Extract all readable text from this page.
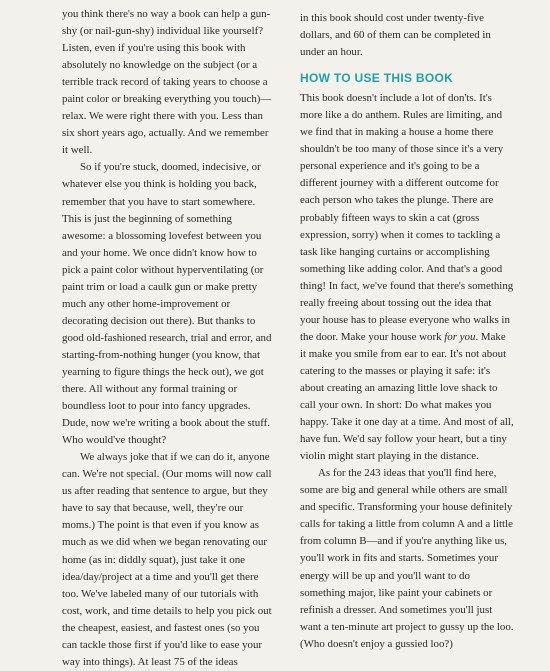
you think there's no way a book can help a gun-shy (or nail-gun-shy) individual like yourself? Listen, even if you're using this book with absolutely no knowledge on the subject (or a terrible track record of taking years to choose a paint color or breaking everything you touch)—relax. We were right there with you. Less than six short years ago, actually. And we remember it well.

So if you're stuck, doomed, indecisive, or whatever else you think is holding you back, remember that you have to start somewhere. This is just the beginning of something awesome: a blossoming lovefest between you and your home. We once didn't know how to pick a paint color without hyperventilating (or paint trim or load a caulk gun or make pretty much any other home-improvement or decorating decision out there). But thanks to good old-fashioned research, trial and error, and starting-from-nothing hunger (you know, that yearning to figure things the heck out), we got there. All without any formal training or boundless loot to pour into fancy upgrades. Dude, now we're writing a book about the stuff. Who would've thought?

We always joke that if we can do it, anyone can. We're not special. (Our moms will now call us after reading that sentence to argue, but they have to say that because, well, they're our moms.) The point is that even if you know as much as we did when we began renovating our home (as in: diddly squat), just take it one idea/day/project at a time and you'll get there too. We've labeled many of our tutorials with cost, work, and time details to help you pick out the cheapest, easiest, and fastest ones (so you can tackle those first if you'd like to ease your way into things). At least 75 of the ideas

in this book should cost under twenty-five dollars, and 60 of them can be completed in under an hour.

HOW TO USE THIS BOOK

This book doesn't include a lot of don'ts. It's more like a do anthem. Rules are limiting, and we find that in making a house a home there shouldn't be too many of those since it's a very personal experience and it's going to be a different journey with a different outcome for each person who takes the plunge. There are probably fifteen ways to skin a cat (gross expression, sorry) when it comes to tackling a task like hanging curtains or accomplishing something like adding color. And that's a good thing! In fact, we've found that there's something really freeing about tossing out the idea that your house has to please everyone who walks in the door. Make your house work for you. Make it make you smile from ear to ear. It's not about catering to the masses or playing it safe: it's about creating an amazing little love shack to call your own. In short: Do what makes you happy. Take it one day at a time. And most of all, have fun. We'd say follow your heart, but a tiny violin might start playing in the distance.

As for the 243 ideas that you'll find here, some are big and general while others are small and specific. Transforming your house definitely calls for taking a little from column A and a little from column B—and if you're anything like us, you'll work in fits and starts. Sometimes your energy will be up and you'll want to do something major, like paint your cabinets or refinish a dresser. And sometimes you'll just want a ten-minute art project to gussy up the loo. (Who doesn't enjoy a gussied loo?)
